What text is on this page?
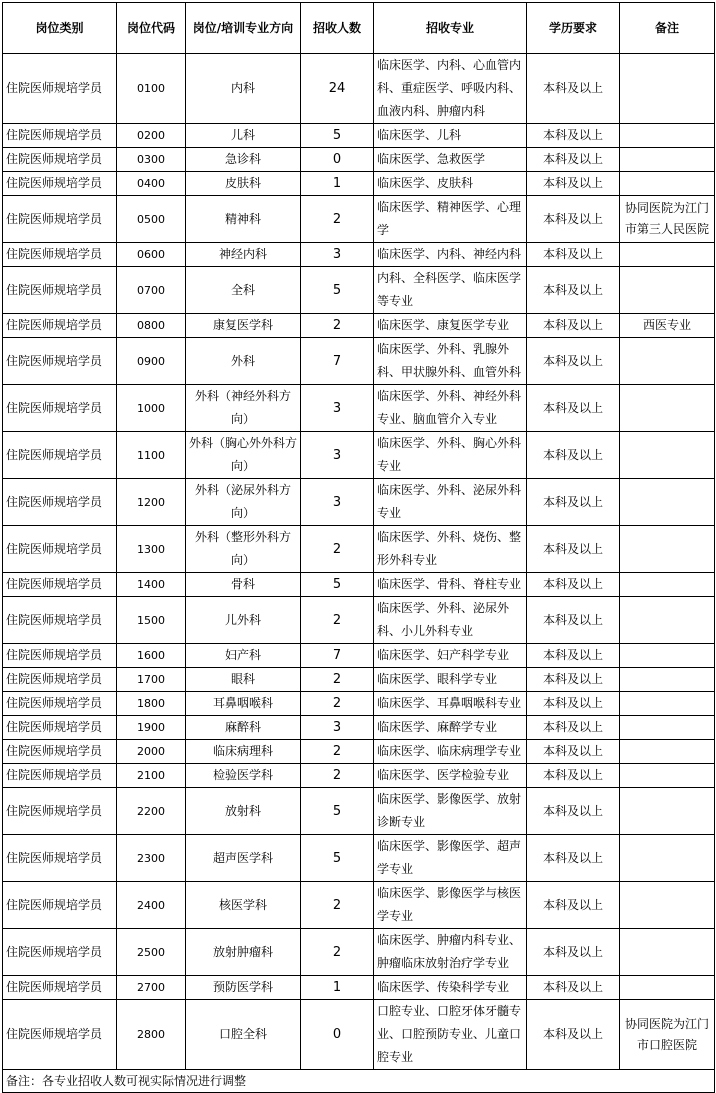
岗位类别	岗位代码	岗位/培训专业方向	招收人数	招收专业	学历要求	备注
住院医师规培学员	0100	内科	24	临床医学、内科、心血管内科、重症医学、呼吸内科、血液内科、肿瘤内科	本科及以上	
住院医师规培学员	0200	儿科	5	临床医学、儿科	本科及以上	
住院医师规培学员	0300	急诊科	0	临床医学、急救医学	本科及以上	
住院医师规培学员	0400	皮肤科	1	临床医学、皮肤科	本科及以上	
住院医师规培学员	0500	精神科	2	临床医学、精神医学、心理学	本科及以上	协同医院为江门市第三人民医院
住院医师规培学员	0600	神经内科	3	临床医学、内科、神经内科	本科及以上	
住院医师规培学员	0700	全科	5	内科、全科医学、临床医学等专业	本科及以上	
住院医师规培学员	0800	康复医学科	2	临床医学、康复医学专业	本科及以上	西医专业
住院医师规培学员	0900	外科	7	临床医学、外科、乳腺外科、甲状腺外科、血管外科	本科及以上	
住院医师规培学员	1000	外科（神经外科方向）	3	临床医学、外科、神经外科专业、脑血管介入专业	本科及以上	
住院医师规培学员	1100	外科（胸心外外科方向）	3	临床医学、外科、胸心外科专业	本科及以上	
住院医师规培学员	1200	外科（泌尿外科方向）	3	临床医学、外科、泌尿外科专业	本科及以上	
住院医师规培学员	1300	外科（整形外科方向）	2	临床医学、外科、烧伤、整形外科专业	本科及以上	
住院医师规培学员	1400	骨科	5	临床医学、骨科、脊柱专业	本科及以上	
住院医师规培学员	1500	儿外科	2	临床医学、外科、泌尿外科、小儿外科专业	本科及以上	
住院医师规培学员	1600	妇产科	7	临床医学、妇产科学专业	本科及以上	
住院医师规培学员	1700	眼科	2	临床医学、眼科学专业	本科及以上	
住院医师规培学员	1800	耳鼻咽喉科	2	临床医学、耳鼻咽喉科专业	本科及以上	
住院医师规培学员	1900	麻醉科	3	临床医学、麻醉学专业	本科及以上	
住院医师规培学员	2000	临床病理科	2	临床医学、临床病理学专业	本科及以上	
住院医师规培学员	2100	检验医学科	2	临床医学、医学检验专业	本科及以上	
住院医师规培学员	2200	放射科	5	临床医学、影像医学、放射诊断专业	本科及以上	
住院医师规培学员	2300	超声医学科	5	临床医学、影像医学、超声学专业	本科及以上	
住院医师规培学员	2400	核医学科	2	临床医学、影像医学与核医学专业	本科及以上	
住院医师规培学员	2500	放射肿瘤科	2	临床医学、肿瘤内科专业、肿瘤临床放射治疗学专业	本科及以上	
住院医师规培学员	2700	预防医学科	1	临床医学、传染科学专业	本科及以上	
住院医师规培学员	2800	口腔全科	0	口腔专业、口腔牙体牙髓专业、口腔预防专业、儿童口腔专业	本科及以上	协同医院为江门市口腔医院
备注：各专业招收人数可视实际情况进行调整						
